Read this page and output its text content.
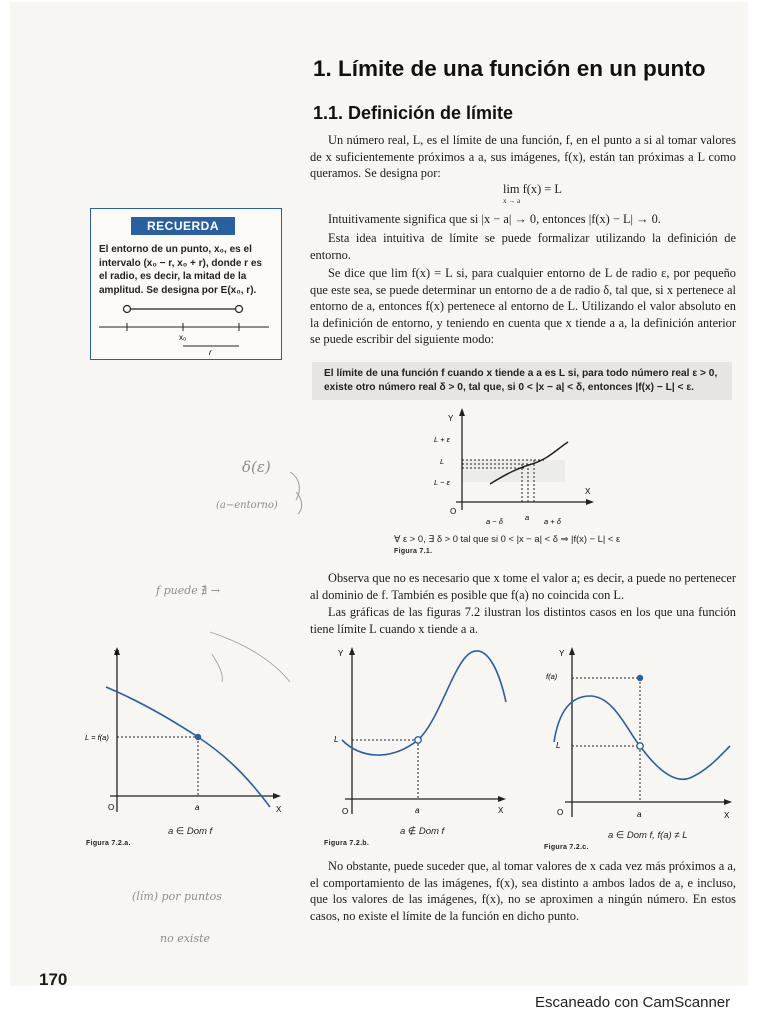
1. Límite de una función en un punto
1.1. Definición de límite

Un número real, L, es el límite de una función, f, en el punto a si al tomar valores de x suficientemente próximos a a, sus imágenes, f(x), están tan próximas a L como queramos. Se designa por:

lim f(x) = L
x → a

Intuitivamente significa que si |x − a| → 0, entonces |f(x) − L| → 0.

Esta idea intuitiva de límite se puede formalizar utilizando la definición de entorno.

Se dice que lim f(x) = L si, para cualquier entorno de L de radio ε, por pequeño que este sea, se puede determinar un entorno de a de radio δ, tal que, si x pertenece al entorno de a, entonces f(x) pertenece al entorno de L. Utilizando el valor absoluto en la definición de entorno, y teniendo en cuenta que x tiende a a, la definición anterior se puede escribir del siguiente modo:

El límite de una función f cuando x tiende a a es L si, para todo número real ε > 0, existe otro número real δ > 0, tal que, si 0 < |x − a| < δ, entonces |f(x) − L| < ε.
RECUERDA
El entorno de un punto, x₀, es el intervalo (x₀ − r, x₀ + r), donde r es el radio, es decir, la mitad de la amplitud. Se designa por E(x₀, r).
x₀
r
Y
X
O
L + ε
L
L − ε
a − δ	a a + δ
∀ ε > 0, ∃ δ > 0 tal que si 0 < |x − a| < δ ⇒ |f(x) − L| < ε
Figura 7.1.

Observa que no es necesario que x tome el valor a; es decir, a puede no pertenecer al dominio de f. También es posible que f(a) no coincida con L.

Las gráficas de las figuras 7.2 ilustran los distintos casos en los que una función tiene límite L cuando x tiende a a.

Y
X
O
L = f(a)
a
a ∈ Dom f
Figura 7.2.a.
Y
X
O
L
a
a ∉ Dom f
Figura 7.2.b.
Y
X
O
f(a)
L
a
a ∈ Dom f, f(a) ≠ L
Figura 7.2.c.

No obstante, puede suceder que, al tomar valores de x cada vez más próximos a a, el comportamiento de las imágenes, f(x), sea distinto a ambos lados de a, e incluso, que los valores de las imágenes, f(x), no se aproximen a ningún número. En estos casos, no existe el límite de la función en dicho punto.

δ(ε)
(a−entorno)
f puede ∄ →
(lím) por puntos
no existe
170
Escaneado con CamScanner
